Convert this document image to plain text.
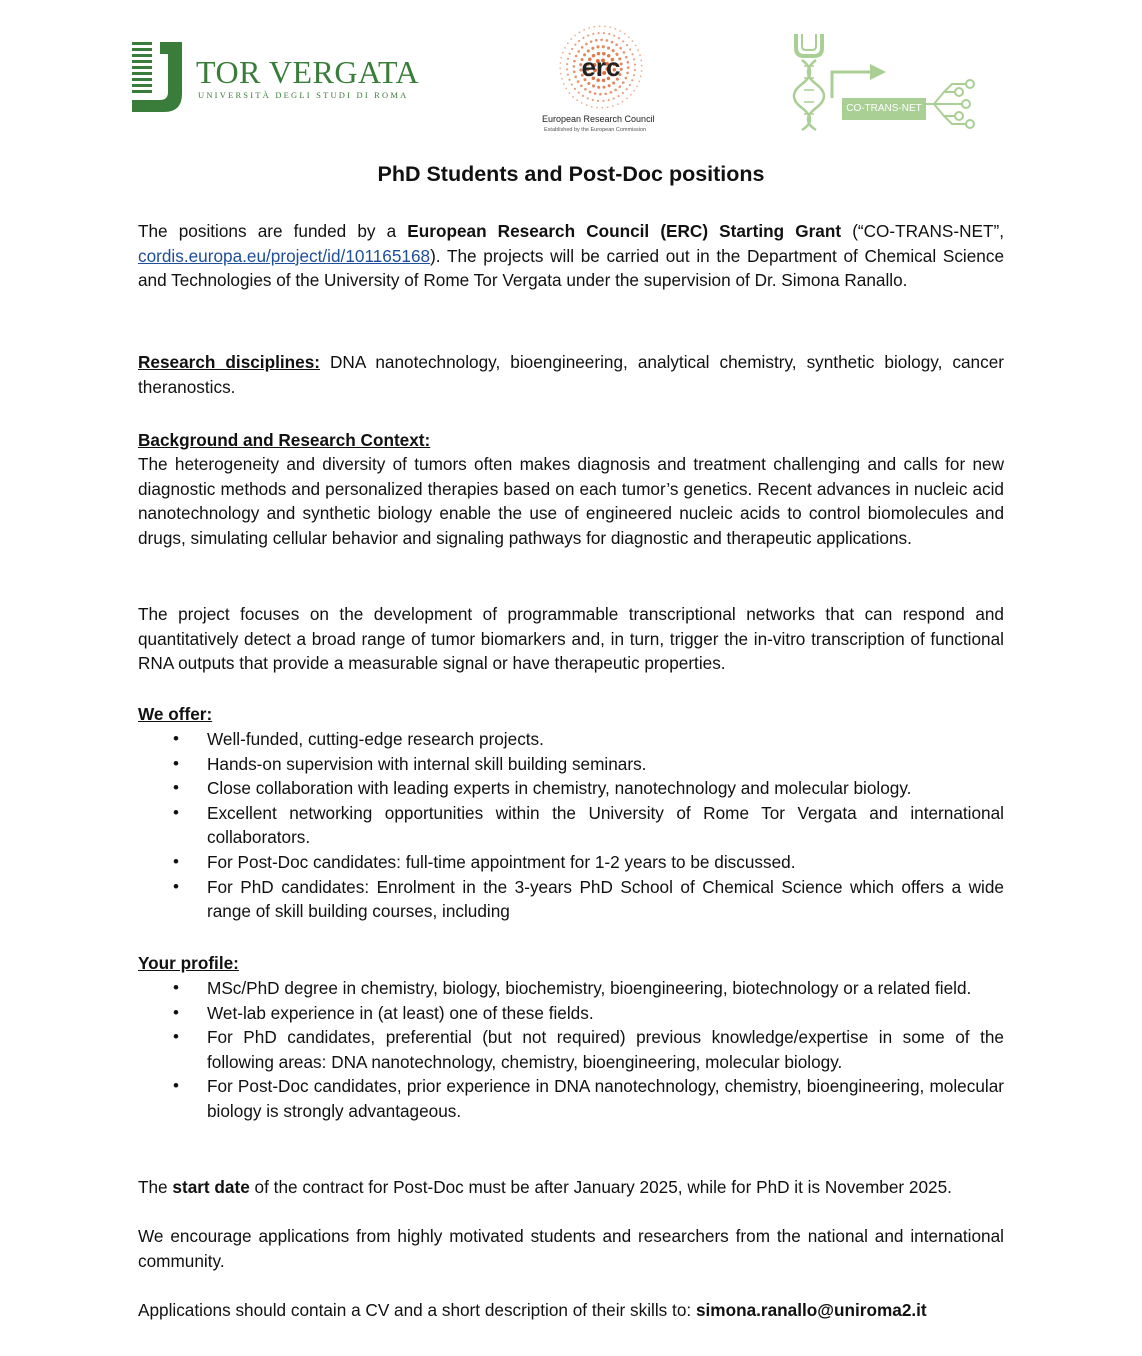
TOR VERGATA
UNIVERSITÀ DEGLI STUDI DI ROMA
erc
European Research Council
Established by the European Commission
CO-TRANS-NET
PhD Students and Post-Doc positions

The positions are funded by a European Research Council (ERC) Starting Grant (“CO-TRANS-NET”, cordis.europa.eu/project/id/101165168). The projects will be carried out in the Department of Chemical Science and Technologies of the University of Rome Tor Vergata under the supervision of Dr. Simona Ranallo.

Research disciplines: DNA nanotechnology, bioengineering, analytical chemistry, synthetic biology, cancer theranostics.

Background and Research Context:

The heterogeneity and diversity of tumors often makes diagnosis and treatment challenging and calls for new diagnostic methods and personalized therapies based on each tumor’s genetics. Recent advances in nucleic acid nanotechnology and synthetic biology enable the use of engineered nucleic acids to control biomolecules and drugs, simulating cellular behavior and signaling pathways for diagnostic and therapeutic applications.

The project focuses on the development of programmable transcriptional networks that can respond and quantitatively detect a broad range of tumor biomarkers and, in turn, trigger the in-vitro transcription of functional RNA outputs that provide a measurable signal or have therapeutic properties.

We offer:

• Well-funded, cutting-edge research projects.
• Hands-on supervision with internal skill building seminars.
• Close collaboration with leading experts in chemistry, nanotechnology and molecular biology.
• Excellent networking opportunities within the University of Rome Tor Vergata and international collaborators.
• For Post-Doc candidates: full-time appointment for 1-2 years to be discussed.
• For PhD candidates: Enrolment in the 3-years PhD School of Chemical Science which offers a wide range of skill building courses, including

Your profile:

• MSc/PhD degree in chemistry, biology, biochemistry, bioengineering, biotechnology or a related field.
• Wet-lab experience in (at least) one of these fields.
• For PhD candidates, preferential (but not required) previous knowledge/expertise in some of the following areas: DNA nanotechnology, chemistry, bioengineering, molecular biology.
• For Post-Doc candidates, prior experience in DNA nanotechnology, chemistry, bioengineering, molecular biology is strongly advantageous.

The start date of the contract for Post-Doc must be after January 2025, while for PhD it is November 2025.

We encourage applications from highly motivated students and researchers from the national and international community.

Applications should contain a CV and a short description of their skills to: simona.ranallo@uniroma2.it
